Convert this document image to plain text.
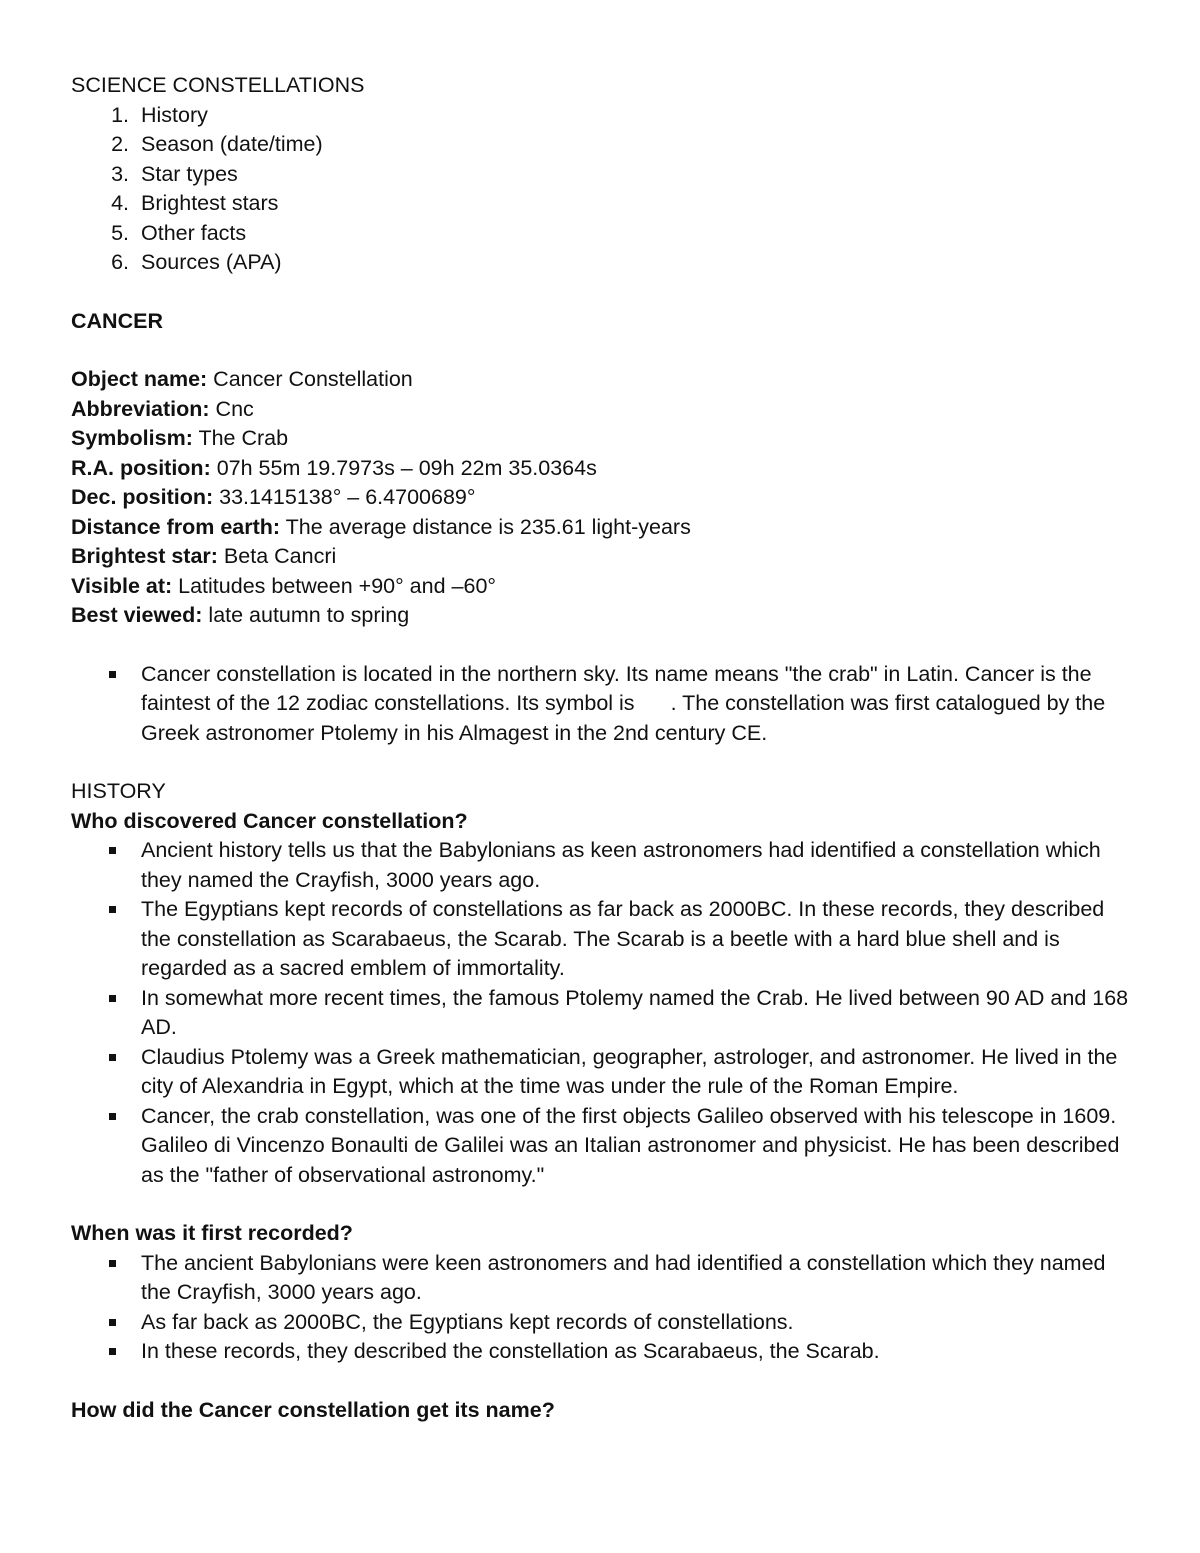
SCIENCE CONSTELLATIONS

1. History
2. Season (date/time)
3. Star types
4. Brightest stars
5. Other facts
6. Sources (APA)

CANCER

Object name: Cancer Constellation

Abbreviation: Cnc

Symbolism: The Crab

R.A. position: 07h 55m 19.7973s – 09h 22m 35.0364s

Dec. position: 33.1415138° – 6.4700689°

Distance from earth: The average distance is 235.61 light-years

Brightest star: Beta Cancri

Visible at: Latitudes between +90° and –60°

Best viewed: late autumn to spring

Cancer constellation is located in the northern sky. Its name means "the crab" in Latin. Cancer is the faintest of the 12 zodiac constellations. Its symbol is . The constellation was first catalogued by the Greek astronomer Ptolemy in his Almagest in the 2nd century CE.

HISTORY

Who discovered Cancer constellation?

Ancient history tells us that the Babylonians as keen astronomers had identified a constellation which they named the Crayfish, 3000 years ago.
The Egyptians kept records of constellations as far back as 2000BC. In these records, they described the constellation as Scarabaeus, the Scarab. The Scarab is a beetle with a hard blue shell and is regarded as a sacred emblem of immortality.
In somewhat more recent times, the famous Ptolemy named the Crab. He lived between 90 AD and 168 AD.
Claudius Ptolemy was a Greek mathematician, geographer, astrologer, and astronomer. He lived in the city of Alexandria in Egypt, which at the time was under the rule of the Roman Empire.
Cancer, the crab constellation, was one of the first objects Galileo observed with his telescope in 1609. Galileo di Vincenzo Bonaulti de Galilei was an Italian astronomer and physicist. He has been described as the "father of observational astronomy."

When was it first recorded?

The ancient Babylonians were keen astronomers and had identified a constellation which they named the Crayfish, 3000 years ago.
As far back as 2000BC, the Egyptians kept records of constellations.
In these records, they described the constellation as Scarabaeus, the Scarab.

How did the Cancer constellation get its name?
